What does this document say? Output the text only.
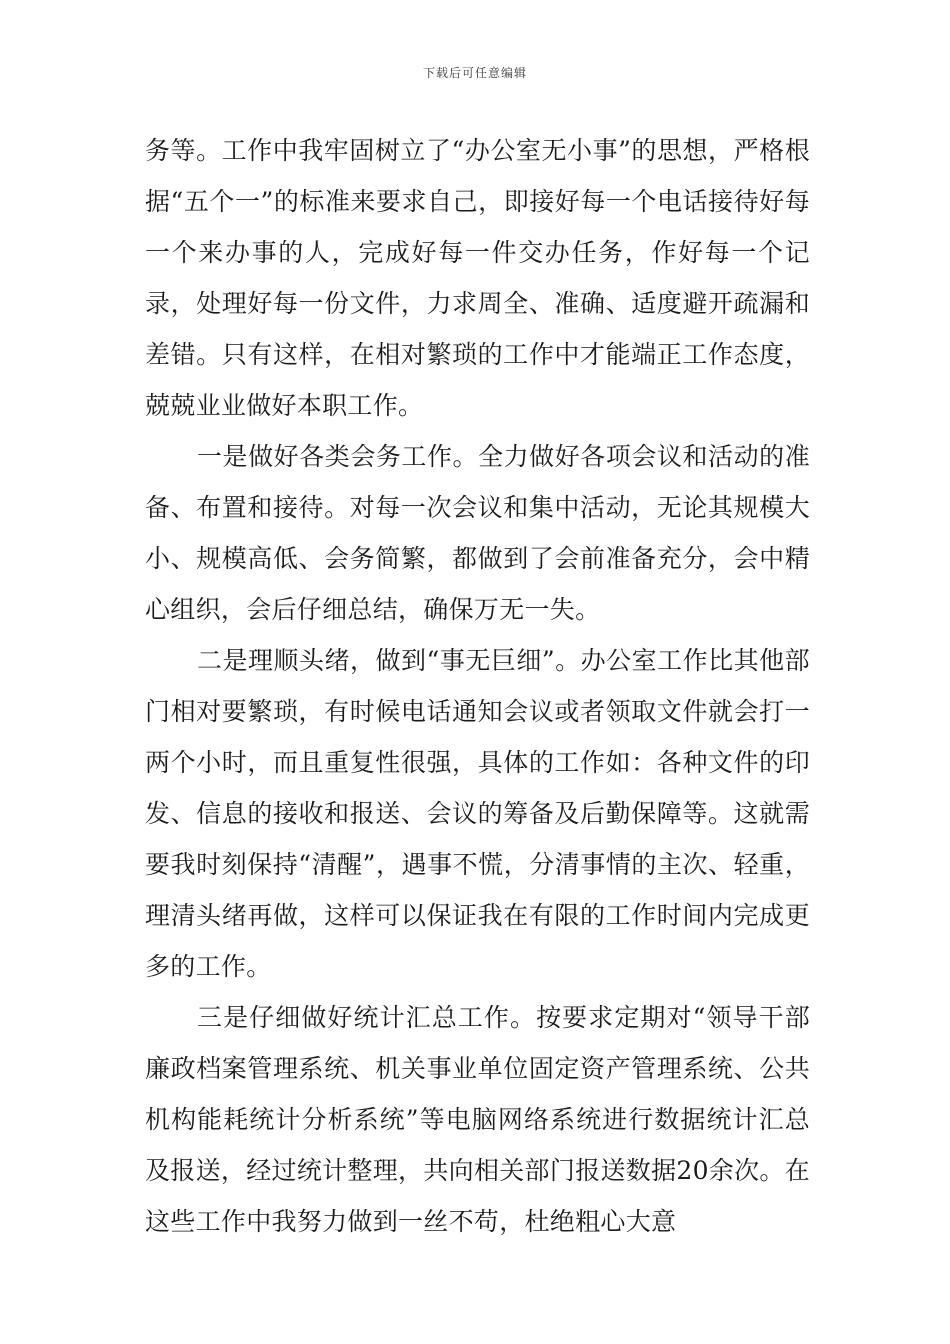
下载后可任意编辑

务等。工作中我牢固树立了“办公室无小事”的思想，严格根据“五个一”的标准来要求自己，即接好每一个电话接待好每一个来办事的人，完成好每一件交办任务，作好每一个记录，处理好每一份文件，力求周全、准确、适度避开疏漏和差错。只有这样，在相对繁琐的工作中才能端正工作态度，兢兢业业做好本职工作。

一是做好各类会务工作。全力做好各项会议和活动的准备、布置和接待。对每一次会议和集中活动，无论其规模大小、规模高低、会务简繁，都做到了会前准备充分，会中精心组织，会后仔细总结，确保万无一失。

二是理顺头绪，做到“事无巨细”。办公室工作比其他部门相对要繁琐，有时候电话通知会议或者领取文件就会打一两个小时，而且重复性很强，具体的工作如：各种文件的印发、信息的接收和报送、会议的筹备及后勤保障等。这就需要我时刻保持“清醒”，遇事不慌，分清事情的主次、轻重，理清头绪再做，这样可以保证我在有限的工作时间内完成更多的工作。

三是仔细做好统计汇总工作。按要求定期对“领导干部廉政档案管理系统、机关事业单位固定资产管理系统、公共机构能耗统计分析系统”等电脑网络系统进行数据统计汇总及报送，经过统计整理，共向相关部门报送数据20余次。在这些工作中我努力做到一丝不苟，杜绝粗心大意
